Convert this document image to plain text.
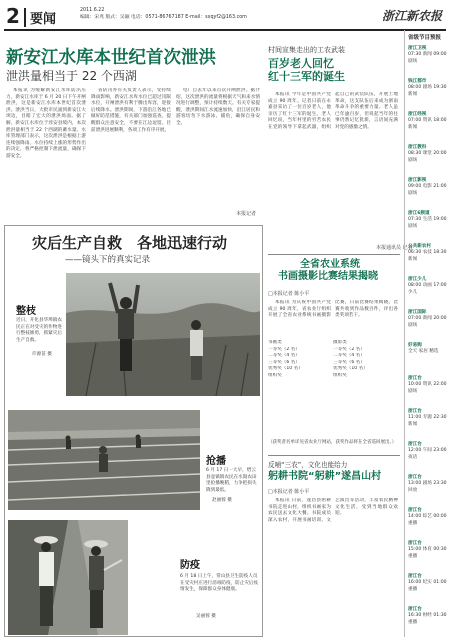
2 要闻
2011.6.22
编辑：宋兆 版式：吴颖 电话：0571-86767187 E-mail：sxqyf2@163.com	浙江新农报
新安江水库本世纪首次泄洪
泄洪量相当于 22 个西湖

本报讯 为缓解新安江水库防汛压力，新安江水库于 6 月 20 日下午开闸泄洪，这是新安江水库本世纪首次泄洪。泄洪当日，大批市民涌到新安江大坝边，目睹了宏大的泄洪场面。据了解，新安江水库位于淳安县境内，本次泄洪量相当于 22 个西湖的蓄水量。水库管理部门表示，这次泄洪是根据上游连续强降雨、水位持续上涨的形势作出的决定，将严格控制下泄流量，确保下游安全。

省防汛办有关负责人表示，受持续降雨影响，新安江水库水位已超过汛限水位，开闸泄洪有利于腾出库容，迎接后续降水。泄洪期间，下游沿江各地已做好防范措施，有关部门加强巡查，提醒群众注意安全，不要在江边逗留。目前泄洪进展顺利，各项工作有序开展。

电厂自去年以来首次开闸泄洪。据介绍，这次泄洪的流量将根据天气和来水情况进行调整，预计持续数天。有关专家提醒，泄洪期间江水流速加快，沿江居民和游客切勿下水游泳、捕鱼，确保自身安全。

本报记者
村间宣集走出的工农武装
百岁老人回忆
红十三军的诞生

本报讯 今年是中国共产党成立 90 周年。记者日前在永嘉县采访了一位百岁老人，他亲历了红十三军的诞生。老人回忆说，当年村里的穷苦农民在党的领导下拿起武器，组织起自己的武装队伍，开展土地革命，这支队伍后来成为浙南革命斗争的重要力量。老人虽已年逾百岁，但说起当年的往事仍然记忆犹新，言语间充满对党的感激之情。

本报通讯员 记者
全省农业系统
书画摄影比赛结果揭晓
□本报记者 陈小平

本报讯 为庆祝中国共产党成立 90 周年，省农业厅组织开展了全省农业系统书画摄影比赛，日前比赛结果揭晓。比赛共收到作品数百件，评出各类奖项若干。

书画类	摄影类
一等奖（2 名）	一等奖（2 名）
二等奖（4 名）	二等奖（4 名）
三等奖（6 名）	三等奖（6 名）
优秀奖（10 名）	优秀奖（10 名）
组织奖	组织奖
（获奖者名单详见省农业厅网站，获奖作品将在全省巡回展出。）
反哺“三农”，文化也能给力
躬耕书院“躬耕”遂昌山村
□本报记者 陈小平

本报讯 日前，遂昌县躬耕书院走进山村，组织书画家为农民送去文化大餐。书院成员深入农村，开展书画培训、文艺演出等活动，丰富农民精神文化生活，受到当地群众欢迎。

灾后生产自救　各地迅速行动
——镜头下的真实记录
整枝
近日，开化县华埠镇农民正在对受灾的作物进行整枝修剪，抓紧灾后生产自救。
许源苗 摄
抢播
6 月 17 日一大早，缙云县壶镇镇农民在水毁农田里抢播晚稻，力争把损失降到最低。
赵丽蓉 摄
防疫
6 月 18 日上午，常山县卫生防疫人员在受灾村庄进行消毒防疫，防止灾后疫情发生，保障群众身体健康。
吴丽蓉 摄
省级节目预报
浙江卫视
07:30 新闻 09:00 剧场
钱江都市
08:00 剧场 19:30 新闻
浙江经视
07:00 资讯 18:00 新闻
浙江教科
08:30 课堂 20:00 剧场
浙江影视
09:00 电影 21:00 剧场
浙江6频道
07:30 生活 19:00 剧场
公共新农村
06:30 农技 18:30 新闻
浙江少儿
08:00 动画 17:00 少儿
浙江国际
07:00 新闻 20:00 剧场
好易购
全天 家居 精选
浙江台
10:00 资讯 22:00 剧场
浙江台
11:00 专题 22:30 新闻
浙江台
12:00 午间 23:00 夜话
浙江台
13:00 剧场 23:30 回放
浙江台
14:00 综艺 00:00 重播
浙江台
15:00 体育 00:30 重播
浙江台
16:00 纪实 01:00 重播
浙江台
16:30 财经 01:30 重播
